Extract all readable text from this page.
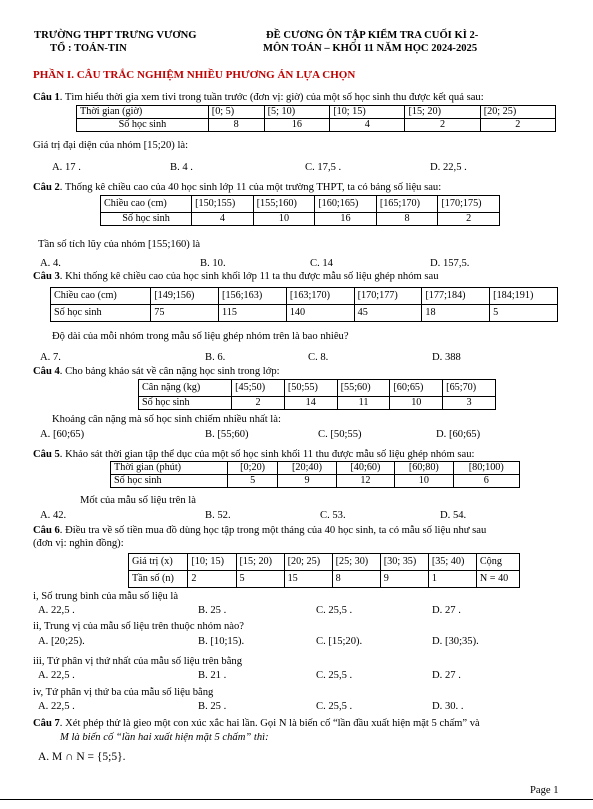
TRƯỜNG THPT TRƯNG VƯƠNG
TỔ : TOÁN-TIN
ĐỀ CƯƠNG ÔN TẬP KIỂM TRA CUỐI KÌ 2-
MÔN TOÁN – KHỐI 11 NĂM HỌC 2024-2025
PHẦN I. CÂU TRẮC NGHIỆM NHIỀU PHƯƠNG ÁN LỰA CHỌN
Câu 1. Tìm hiểu thời gia xem tivi trong tuần trước (đơn vị: giờ) của một số học sinh thu được kết quả sau:
Thời gian (giờ)	[0; 5)	[5; 10)	[10; 15)	[15; 20)	[20; 25)
Số học sinh	8	16	4	2	2
Giá trị đại diện của nhóm [15;20) là:
A. 17 .	B. 4 .	C. 17,5 .	D. 22,5 .
Câu 2. Thống kê chiều cao của 40 học sinh lớp 11 của một trường THPT, ta có bảng số liệu sau:
Chiều cao (cm)	[150;155)	[155;160)	[160;165)	[165;170)	[170;175)
Số học sinh	4	10	16	8	2
Tần số tích lũy của nhóm [155;160) là
A. 4.	B. 10.	C. 14	D. 157,5.
Câu 3. Khi thống kê chiều cao của học sinh khối lớp 11 ta thu được mẫu số liệu ghép nhóm sau
Chiều cao (cm)	[149;156)	[156;163)	[163;170)	[170;177)	[177;184)	[184;191)
Số học sinh	75	115	140	45	18	5
Độ dài của mỗi nhóm trong mẫu số liệu ghép nhóm trên là bao nhiêu?
A. 7.	B. 6.	C. 8.	D. 388
Câu 4. Cho bảng khảo sát về cân nặng học sinh trong lớp:
Cân nặng (kg)	[45;50)	[50;55)	[55;60)	[60;65)	[65;70)
Số học sinh	2	14	11	10	3
Khoảng cân nặng mà số học sinh chiếm nhiều nhất là:
A. [60;65)	B. [55;60)	C. [50;55)	D. [60;65)
Câu 5. Khảo sát thời gian tập thể dục của một số học sinh khối 11 thu được mẫu số liệu ghép nhóm sau:
Thời gian (phút)	[0;20)	[20;40)	[40;60)	[60;80)	[80;100)
Số học sinh	5	9	12	10	6
Mốt của mẫu số liệu trên là
A. 42.	B. 52.	C. 53.	D. 54.
Câu 6. Điều tra về số tiền mua đồ dùng học tập trong một tháng của 40 học sinh, ta có mẫu số liệu như sau
(đơn vị: nghìn đồng):
Giá trị (x)	[10; 15)	[15; 20)	[20; 25)	[25; 30)	[30; 35)	[35; 40)	Cộng
Tần số (n)	2	5	15	8	9	1	N = 40
i, Số trung bình của mẫu số liệu là
A. 22,5 .	B. 25 .	C. 25,5 .	D. 27 .
ii, Trung vị của mẫu số liệu trên thuộc nhóm nào?
A. [20;25).	B. [10;15).	C. [15;20).	D. [30;35).
iii, Tứ phân vị thứ nhất của mẫu số liệu trên bằng
A. 22,5 .	B. 21 .	C. 25,5 .	D. 27 .
iv, Tứ phân vị thứ ba của mẫu số liệu bằng
A. 22,5 .	B. 25 .	C. 25,5 .	D. 30. .
Câu 7. Xét phép thử là gieo một con xúc xắc hai lần. Gọi N là biến cố “lần đầu xuất hiện mặt 5 chấm” và
M là biến cố “lần hai xuất hiện mặt 5 chấm” thì:
A. M ∩ N = {5;5}.
Page 1
